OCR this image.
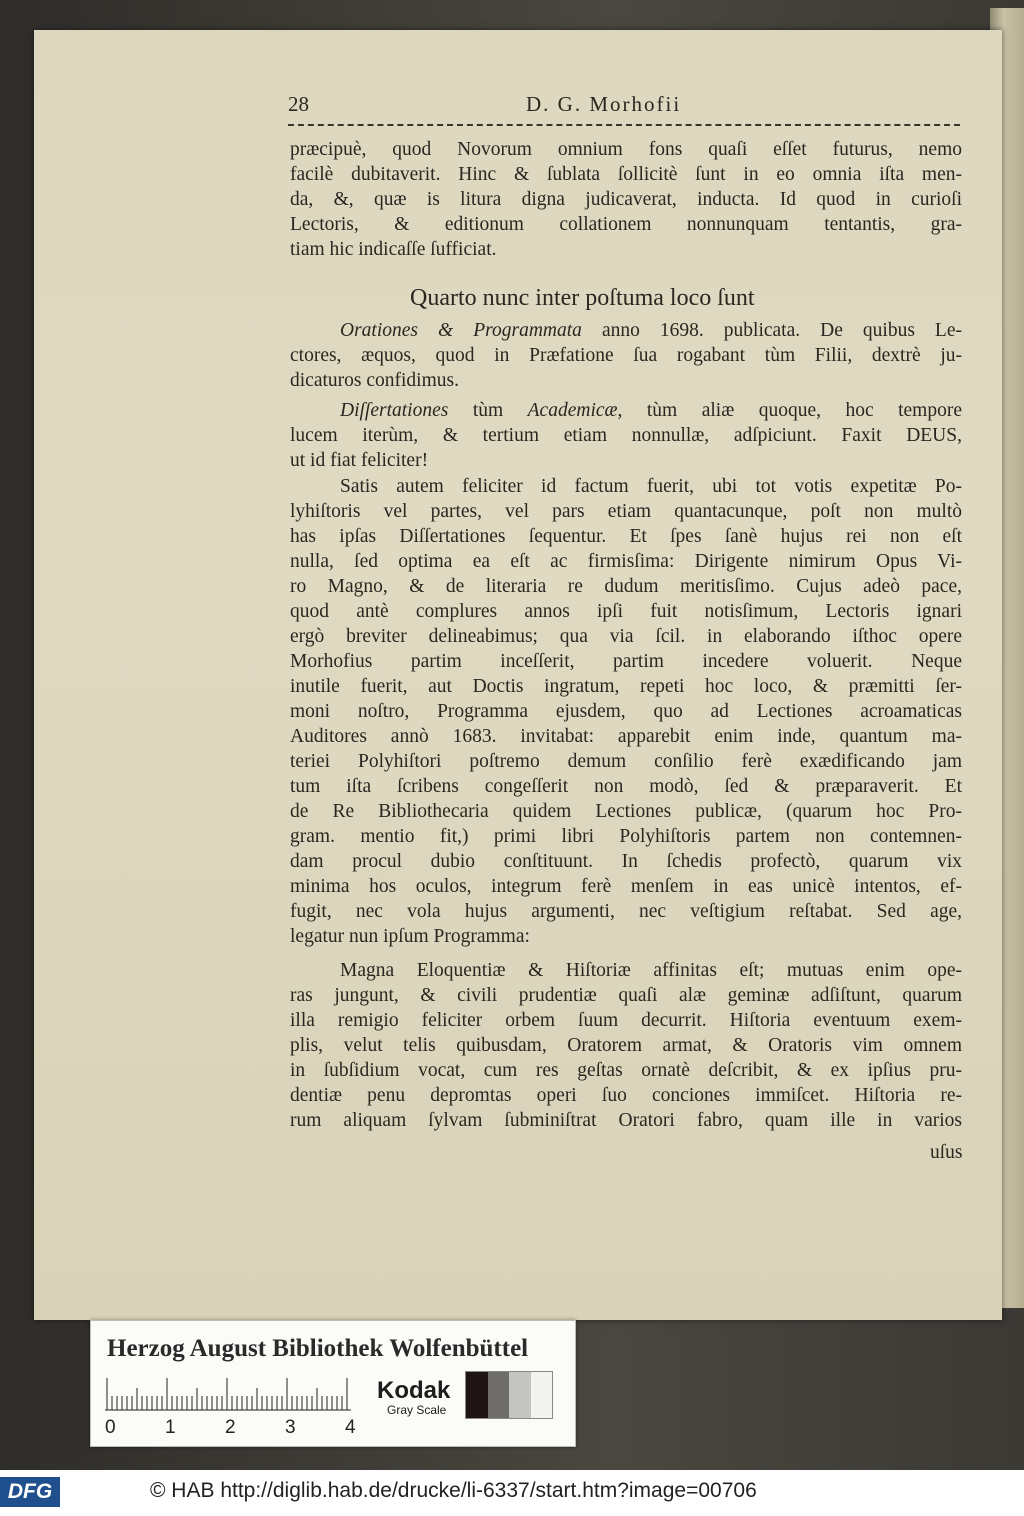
28	D. G. Morhofii
præcipuè, quod Novorum omnium fons quaſi eſſet futurus, nemo
facilè dubitaverit. Hinc & ſublata ſollicitè ſunt in eo omnia iſta men-
da, &, quæ is litura digna judicaverat, inducta. Id quod in curioſi
Lectoris, & editionum collationem nonnunquam tentantis, gra-
tiam hic indicaſſe ſufficiat.
Quarto nunc inter poſtuma loco ſunt
Orationes & Programmata anno 1698. publicata. De quibus Le-
ctores, æquos, quod in Præfatione ſua rogabant tùm Filii, dextrè ju-
dicaturos confidimus.
Diſſertationes tùm Academicæ, tùm aliæ quoque, hoc tempore
lucem iterùm, & tertium etiam nonnullæ, adſpiciunt. Faxit DEUS,
ut id fiat feliciter!
Satis autem feliciter id factum fuerit, ubi tot votis expetitæ Po-
lyhiſtoris vel partes, vel pars etiam quantacunque, poſt non multò
has ipſas Diſſertationes ſequentur. Et ſpes ſanè hujus rei non eſt
nulla, ſed optima ea eſt ac firmisſima: Dirigente nimirum Opus Vi-
ro Magno, & de literaria re dudum meritisſimo. Cujus adeò pace,
quod antè complures annos ipſi fuit notisſimum, Lectoris ignari
ergò breviter delineabimus; qua via ſcil. in elaborando iſthoc opere
Morhofius partim inceſſerit, partim incedere voluerit. Neque
inutile fuerit, aut Doctis ingratum, repeti hoc loco, & præmitti ſer-
moni noſtro, Programma ejusdem, quo ad Lectiones acroamaticas
Auditores annò 1683. invitabat: apparebit enim inde, quantum ma-
teriei Polyhiſtori poſtremo demum conſilio ferè exædificando jam
tum iſta ſcribens congeſſerit non modò, ſed & præparaverit. Et
de Re Bibliothecaria quidem Lectiones publicæ, (quarum hoc Pro-
gram. mentio fit,) primi libri Polyhiſtoris partem non contemnen-
dam procul dubio conſtituunt. In ſchedis profectò, quarum vix
minima hos oculos, integrum ferè menſem in eas unicè intentos, ef-
fugit, nec vola hujus argumenti, nec veſtigium reſtabat. Sed age,
legatur nun ipſum Programma:
Magna Eloquentiæ & Hiſtoriæ affinitas eſt; mutuas enim ope-
ras jungunt, & civili prudentiæ quaſi alæ geminæ adſiſtunt, quarum
illa remigio feliciter orbem ſuum decurrit. Hiſtoria eventuum exem-
plis, velut telis quibusdam, Oratorem armat, & Oratoris vim omnem
in ſubſidium vocat, cum res geſtas ornatè deſcribit, & ex ipſius pru-
dentiæ penu depromtas operi ſuo conciones immiſcet. Hiſtoria re-
rum aliquam ſylvam ſubminiſtrat Oratori fabro, quam ille in varios
uſus
Herzog August Bibliothek Wolfenbüttel
0	1	2	3	4
Kodak
Gray Scale
DFG	© HAB http://diglib.hab.de/drucke/li-6337/start.htm?image=00706
